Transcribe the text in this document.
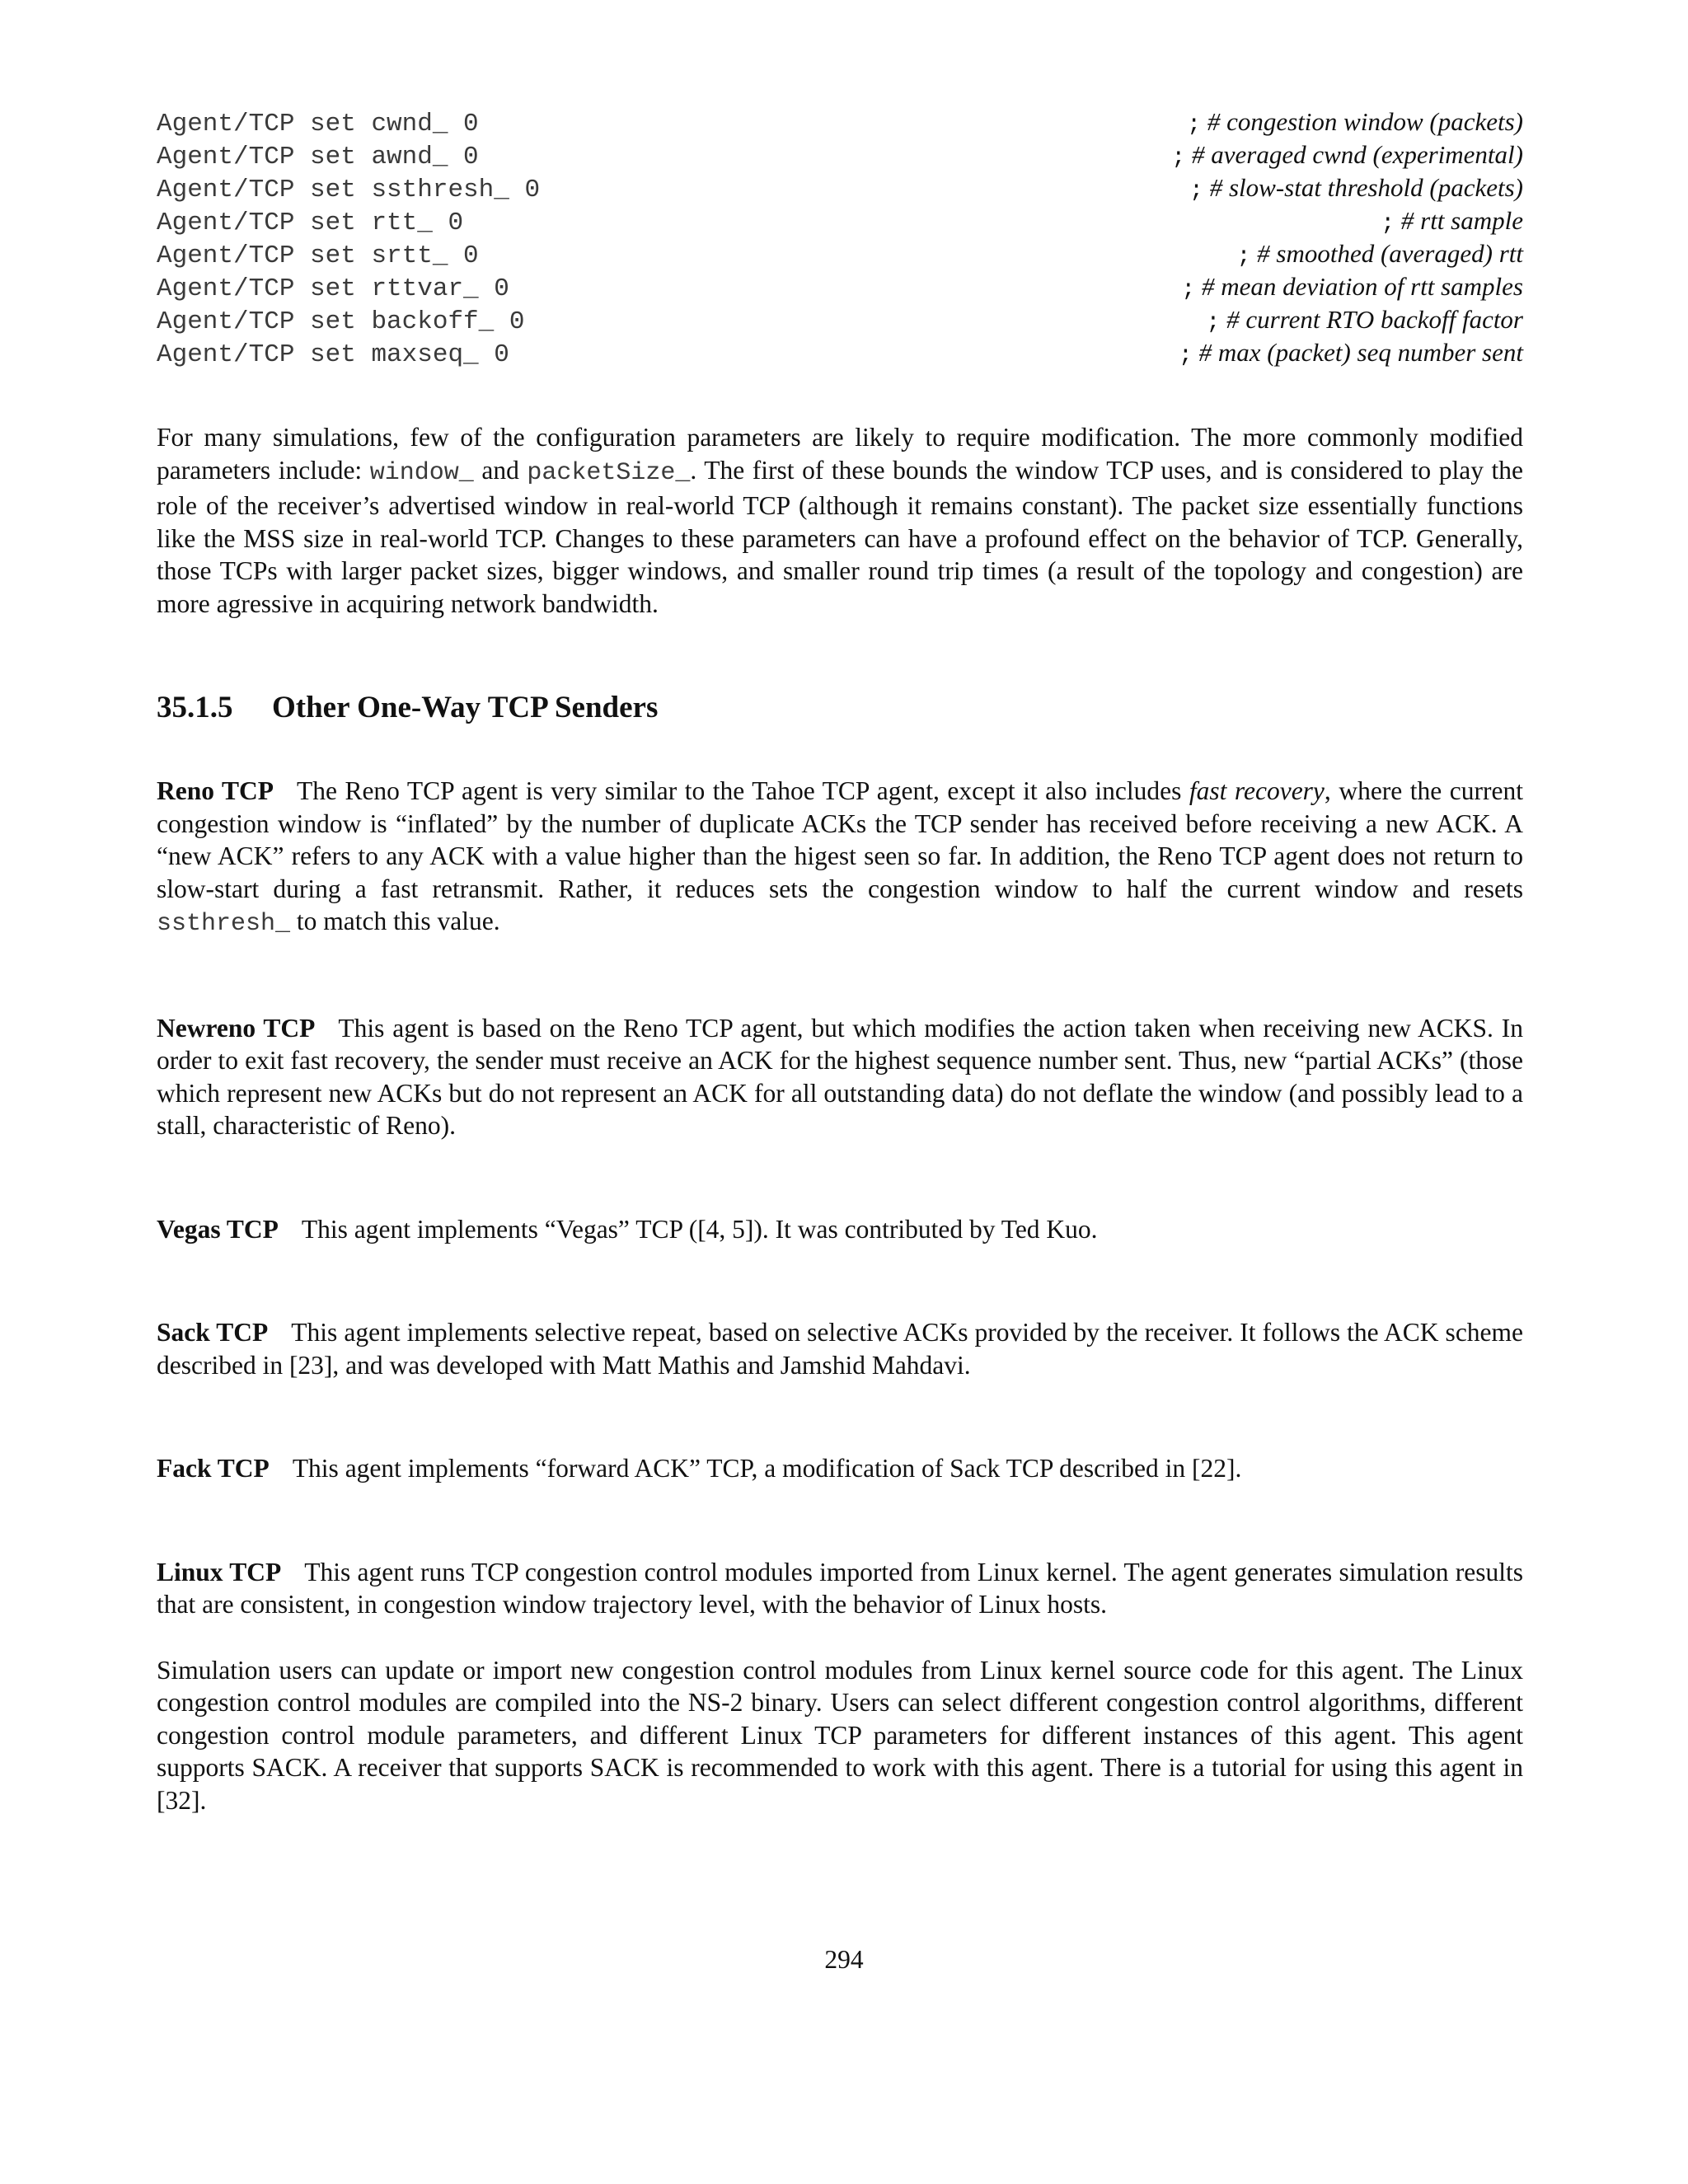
Agent/TCP set cwnd_ 0	; # congestion window (packets)
Agent/TCP set awnd_ 0	; # averaged cwnd (experimental)
Agent/TCP set ssthresh_ 0	; # slow-stat threshold (packets)
Agent/TCP set rtt_ 0	; # rtt sample
Agent/TCP set srtt_ 0	; # smoothed (averaged) rtt
Agent/TCP set rttvar_ 0	; # mean deviation of rtt samples
Agent/TCP set backoff_ 0	; # current RTO backoff factor
Agent/TCP set maxseq_ 0	; # max (packet) seq number sent

For many simulations, few of the configuration parameters are likely to require modification. The more commonly modified parameters include: window_ and packetSize_. The first of these bounds the window TCP uses, and is considered to play the role of the receiver’s advertised window in real-world TCP (although it remains constant). The packet size essentially functions like the MSS size in real-world TCP. Changes to these parameters can have a profound effect on the behavior of TCP. Generally, those TCPs with larger packet sizes, bigger windows, and smaller round trip times (a result of the topology and congestion) are more agressive in acquiring network bandwidth.

35.1.5	Other One-Way TCP Senders

Reno TCP The Reno TCP agent is very similar to the Tahoe TCP agent, except it also includes fast recovery, where the current congestion window is “inflated” by the number of duplicate ACKs the TCP sender has received before receiving a new ACK. A “new ACK” refers to any ACK with a value higher than the higest seen so far. In addition, the Reno TCP agent does not return to slow-start during a fast retransmit. Rather, it reduces sets the congestion window to half the current window and resets ssthresh_ to match this value.

Newreno TCP This agent is based on the Reno TCP agent, but which modifies the action taken when receiving new ACKS. In order to exit fast recovery, the sender must receive an ACK for the highest sequence number sent. Thus, new “partial ACKs” (those which represent new ACKs but do not represent an ACK for all outstanding data) do not deflate the window (and possibly lead to a stall, characteristic of Reno).

Vegas TCP This agent implements “Vegas” TCP ([4, 5]). It was contributed by Ted Kuo.

Sack TCP This agent implements selective repeat, based on selective ACKs provided by the receiver. It follows the ACK scheme described in [23], and was developed with Matt Mathis and Jamshid Mahdavi.

Fack TCP This agent implements “forward ACK” TCP, a modification of Sack TCP described in [22].

Linux TCP This agent runs TCP congestion control modules imported from Linux kernel. The agent generates simulation results that are consistent, in congestion window trajectory level, with the behavior of Linux hosts.

Simulation users can update or import new congestion control modules from Linux kernel source code for this agent. The Linux congestion control modules are compiled into the NS-2 binary. Users can select different congestion control algorithms, different congestion control module parameters, and different Linux TCP parameters for different instances of this agent. This agent supports SACK. A receiver that supports SACK is recommended to work with this agent. There is a tutorial for using this agent in [32].

294
